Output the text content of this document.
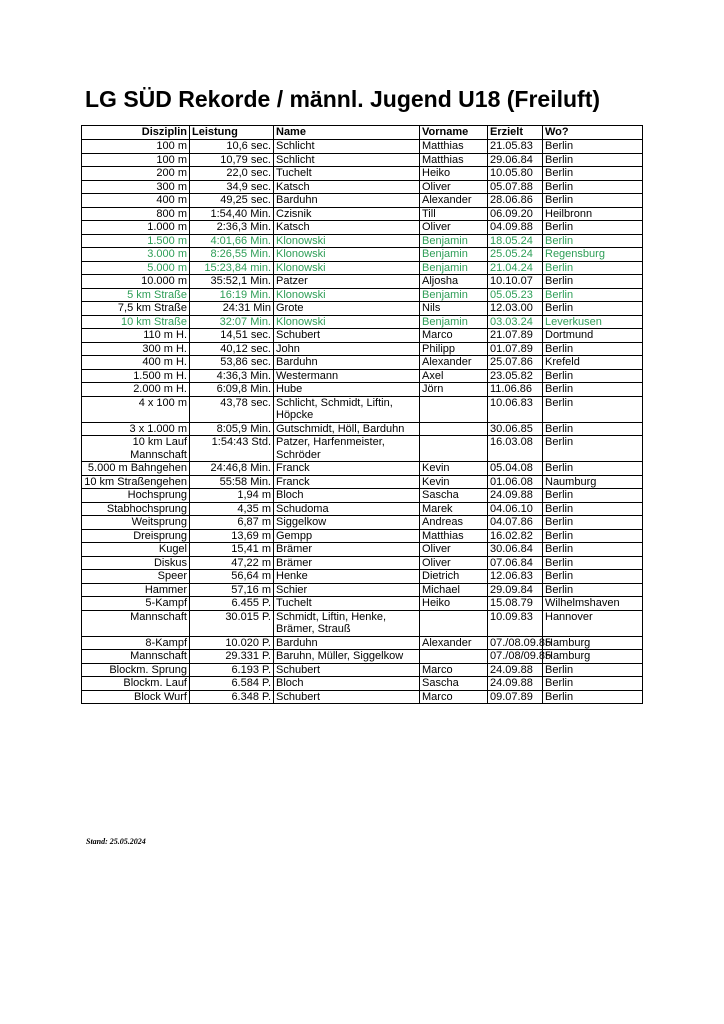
LG SÜD Rekorde / männl. Jugend U18 (Freiluft)
Disziplin	Leistung	Name	Vorname	Erzielt	Wo?
100 m	10,6 sec.	Schlicht	Matthias	21.05.83	Berlin
100 m	10,79 sec.	Schlicht	Matthias	29.06.84	Berlin
200 m	22,0 sec.	Tuchelt	Heiko	10.05.80	Berlin
300 m	34,9 sec.	Katsch	Oliver	05.07.88	Berlin
400 m	49,25 sec.	Barduhn	Alexander	28.06.86	Berlin
800 m	1:54,40 Min.	Czisnik	Till	06.09.20	Heilbronn
1.000 m	2:36,3 Min.	Katsch	Oliver	04.09.88	Berlin
1.500 m	4:01,66 Min.	Klonowski	Benjamin	18.05.24	Berlin
3.000 m	8:26,55 Min.	Klonowski	Benjamin	25.05.24	Regensburg
5.000 m	15:23,84 min.	Klonowski	Benjamin	21.04.24	Berlin
10.000 m	35:52,1 Min.	Patzer	Aljosha	10.10.07	Berlin
5 km Straße	16:19 Min.	Klonowski	Benjamin	05.05.23	Berlin
7,5 km Straße	24:31 Min	Grote	Nils	12.03.00	Berlin
10 km Straße	32:07 Min.	Klonowski	Benjamin	03.03.24	Leverkusen
110 m H.	14,51 sec.	Schubert	Marco	21.07.89	Dortmund
300 m H.	40,12 sec.	John	Philipp	01.07.89	Berlin
400 m H.	53,86 sec.	Barduhn	Alexander	25.07.86	Krefeld
1.500 m H.	4:36,3 Min.	Westermann	Axel	23.05.82	Berlin
2.000 m H.	6:09,8 Min.	Hube	Jörn	11.06.86	Berlin
4 x 100 m	43,78 sec.	Schlicht, Schmidt, Liftin, Höpcke		10.06.83	Berlin
3 x 1.000 m	8:05,9 Min.	Gutschmidt, Höll, Barduhn		30.06.85	Berlin
10 km Lauf Mannschaft	1:54:43 Std.	Patzer, Harfenmeister, Schröder		16.03.08	Berlin
5.000 m Bahngehen	24:46,8 Min.	Franck	Kevin	05.04.08	Berlin
10 km Straßengehen	55:58 Min.	Franck	Kevin	01.06.08	Naumburg
Hochsprung	1,94 m	Bloch	Sascha	24.09.88	Berlin
Stabhochsprung	4,35 m	Schudoma	Marek	04.06.10	Berlin
Weitsprung	6,87 m	Siggelkow	Andreas	04.07.86	Berlin
Dreisprung	13,69 m	Gempp	Matthias	16.02.82	Berlin
Kugel	15,41 m	Brämer	Oliver	30.06.84	Berlin
Diskus	47,22 m	Brämer	Oliver	07.06.84	Berlin
Speer	56,64 m	Henke	Dietrich	12.06.83	Berlin
Hammer	57,16 m	Schier	Michael	29.09.84	Berlin
5-Kampf	6.455 P.	Tuchelt	Heiko	15.08.79	Wilhelmshaven
Mannschaft	30.015 P.	Schmidt, Liftin, Henke, Brämer, Strauß		10.09.83	Hannover
8-Kampf	10.020 P.	Barduhn	Alexander	07./08.09.85	Hamburg
Mannschaft	29.331 P.	Baruhn, Müller, Siggelkow		07./08/09.85	Hamburg
Blockm. Sprung	6.193 P.	Schubert	Marco	24.09.88	Berlin
Blockm. Lauf	6.584 P.	Bloch	Sascha	24.09.88	Berlin
Block Wurf	6.348 P.	Schubert	Marco	09.07.89	Berlin
Stand: 25.05.2024
